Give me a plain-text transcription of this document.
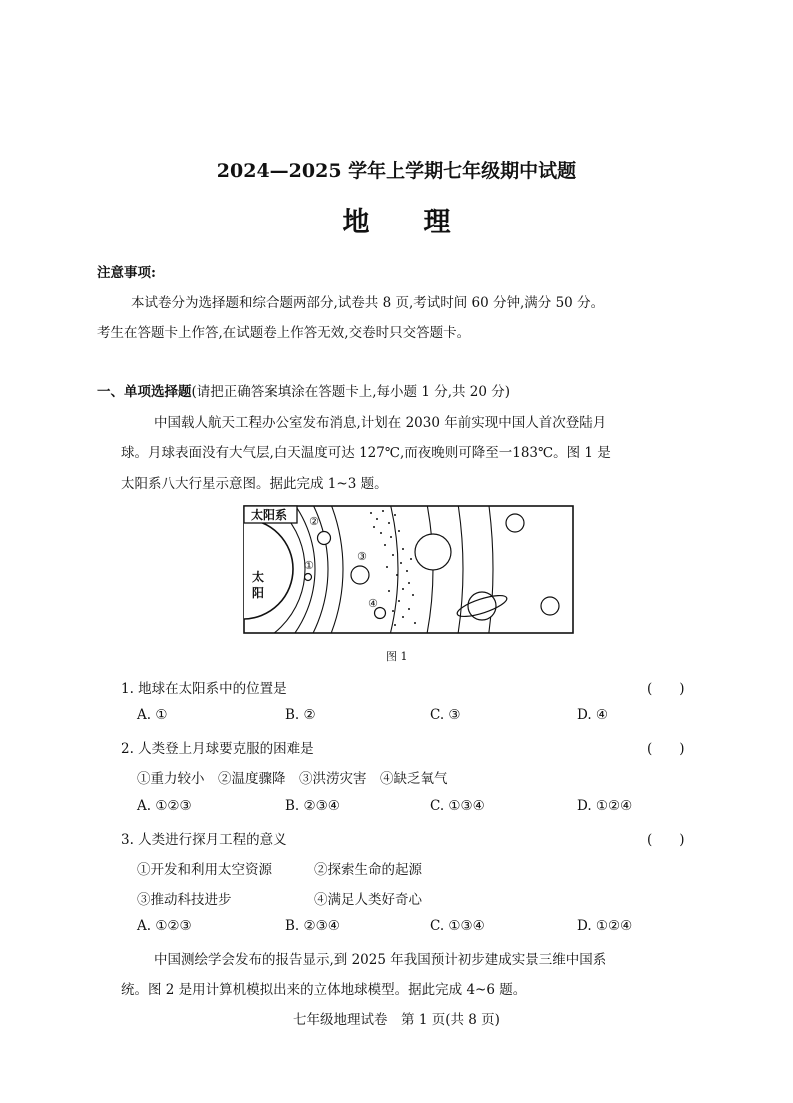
2024—2025 学年上学期七年级期中试题
地理
注意事项:
本试卷分为选择题和综合题两部分,试卷共 8 页,考试时间 60 分钟,满分 50 分。
考生在答题卡上作答,在试题卷上作答无效,交卷时只交答题卡。
一、单项选择题(请把正确答案填涂在答题卡上,每小题 1 分,共 20 分)
中国载人航天工程办公室发布消息,计划在 2030 年前实现中国人首次登陆月
球。月球表面没有大气层,白天温度可达 127℃,而夜晚则可降至一183℃。图 1 是
太阳系八大行星示意图。据此完成 1~3 题。
太阳系
太
阳
①
②
③
④
图 1
1. 地球在太阳系中的位置是	(　　)
A. ①	B. ②	C. ③	D. ④
2. 人类登上月球要克服的困难是	(　　)
①重力较小　②温度骤降　③洪涝灾害　④缺乏氧气
A. ①②③	B. ②③④	C. ①③④	D. ①②④
3. 人类进行探月工程的意义	(　　)
①开发和利用太空资源	②探索生命的起源
③推动科技进步	④满足人类好奇心
A. ①②③	B. ②③④	C. ①③④	D. ①②④
中国测绘学会发布的报告显示,到 2025 年我国预计初步建成实景三维中国系
统。图 2 是用计算机模拟出来的立体地球模型。据此完成 4~6 题。
七年级地理试卷　第 1 页(共 8 页)
